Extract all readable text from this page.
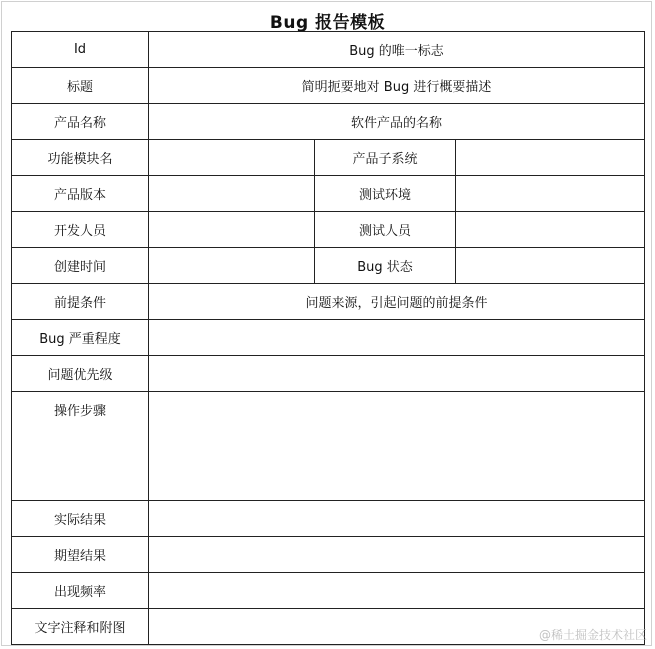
Bug 报告模板
Id	Bug 的唯一标志		
标题	简明扼要地对 Bug 进行概要描述		
产品名称	软件产品的名称		
功能模块名		产品子系统	
产品版本		测试环境	
开发人员		测试人员	
创建时间		Bug 状态	
前提条件	问题来源，引起问题的前提条件		
Bug 严重程度			
问题优先级			
操作步骤			
实际结果			
期望结果			
出现频率			
文字注释和附图				@稀土掘金技术社区
